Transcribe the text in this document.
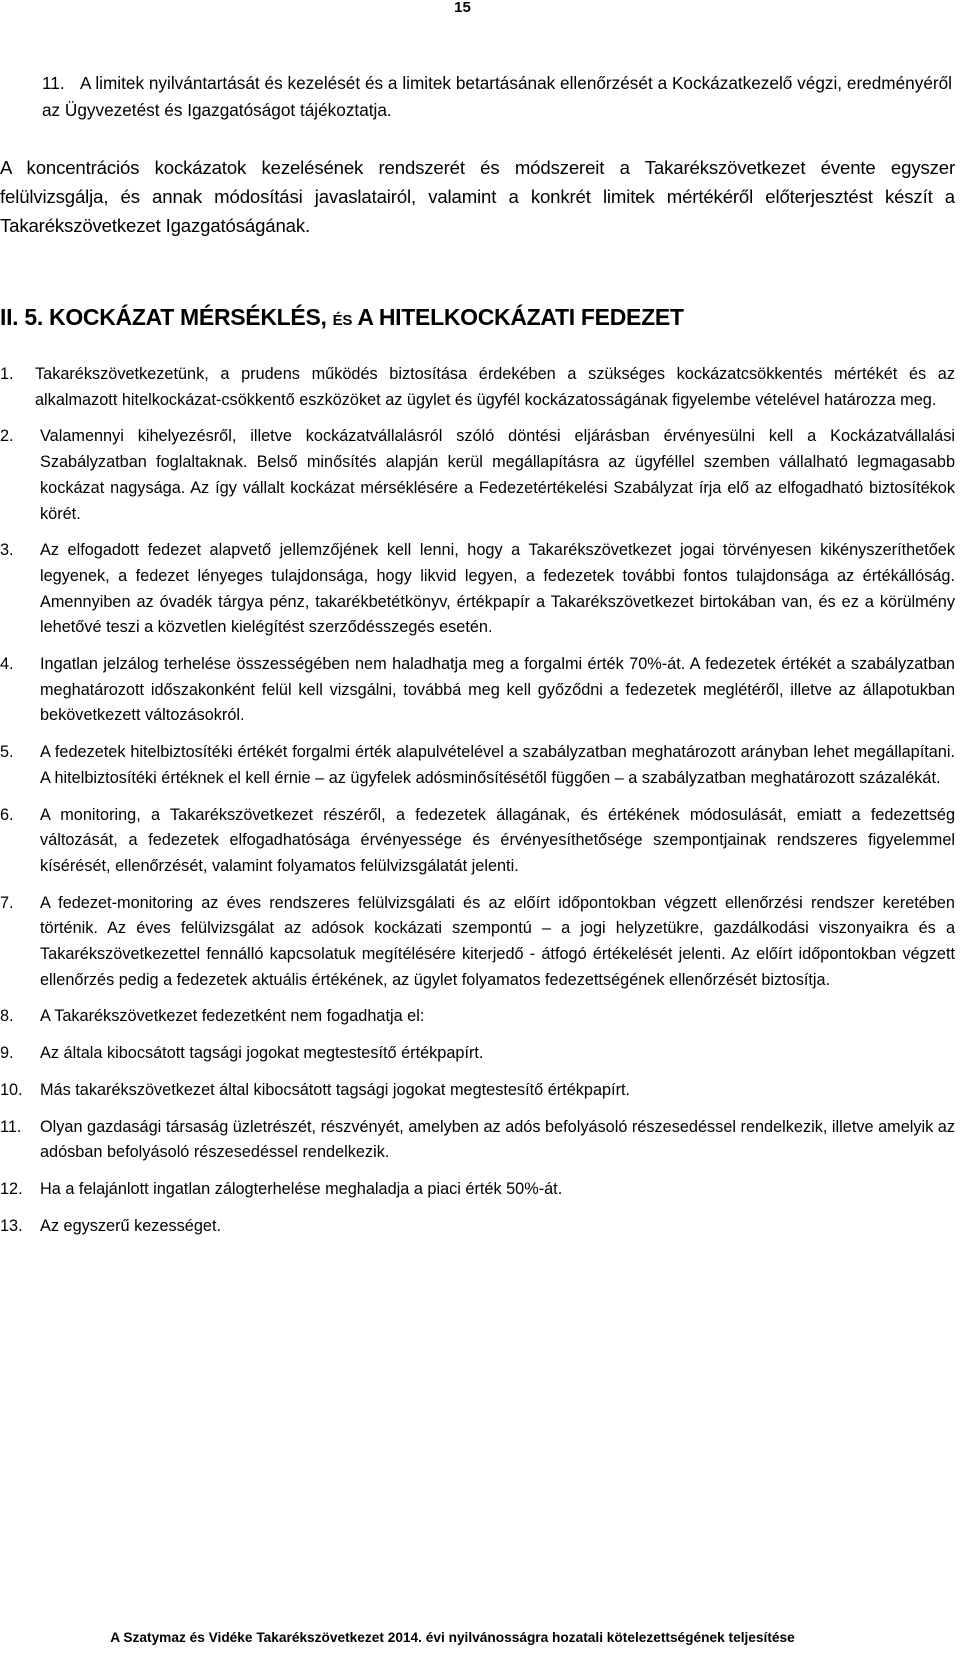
15
11. A limitek nyilvántartását és kezelését és a limitek betartásának ellenőrzését a Kockázatkezelő végzi, eredményéről az Ügyvezetést és Igazgatóságot tájékoztatja.
A koncentrációs kockázatok kezelésének rendszerét és módszereit a Takarékszövetkezet évente egyszer felülvizsgálja, és annak módosítási javaslatairól, valamint a konkrét limitek mértékéről előterjesztést készít a Takarékszövetkezet Igazgatóságának.
II. 5. KOCKÁZAT MÉRSÉKLÉS, ÉS A HITELKOCKÁZATI FEDEZET
1.	Takarékszövetkezetünk, a prudens működés biztosítása érdekében a szükséges kockázatcsökkentés mértékét és az alkalmazott hitelkockázat-csökkentő eszközöket az ügylet és ügyfél kockázatosságának figyelembe vételével határozza meg.
2.	Valamennyi kihelyezésről, illetve kockázatvállalásról szóló döntési eljárásban érvényesülni kell a Kockázatvállalási Szabályzatban foglaltaknak. Belső minősítés alapján kerül megállapításra az ügyféllel szemben vállalható legmagasabb kockázat nagysága. Az így vállalt kockázat mérséklésére a Fedezetértékelési Szabályzat írja elő az elfogadható biztosítékok körét.
3.	Az elfogadott fedezet alapvető jellemzőjének kell lenni, hogy a Takarékszövetkezet jogai törvényesen kikényszeríthetőek legyenek, a fedezet lényeges tulajdonsága, hogy likvid legyen, a fedezetek további fontos tulajdonsága az értékállóság. Amennyiben az óvadék tárgya pénz, takarékbetétkönyv, értékpapír a Takarékszövetkezet birtokában van, és ez a körülmény lehetővé teszi a közvetlen kielégítést szerződésszegés esetén.
4.	Ingatlan jelzálog terhelése összességében nem haladhatja meg a forgalmi érték 70%-át. A fedezetek értékét a szabályzatban meghatározott időszakonként felül kell vizsgálni, továbbá meg kell győződni a fedezetek meglétéről, illetve az állapotukban bekövetkezett változásokról.
5.	A fedezetek hitelbiztosítéki értékét forgalmi érték alapulvételével a szabályzatban meghatározott arányban lehet megállapítani. A hitelbiztosítéki értéknek el kell érnie – az ügyfelek adósminősítésétől függően – a szabályzatban meghatározott százalékát.
6.	A monitoring, a Takarékszövetkezet részéről, a fedezetek állagának, és értékének módosulását, emiatt a fedezettség változását, a fedezetek elfogadhatósága érvényessége és érvényesíthetősége szempontjainak rendszeres figyelemmel kísérését, ellenőrzését, valamint folyamatos felülvizsgálatát jelenti.
7.	A fedezet-monitoring az éves rendszeres felülvizsgálati és az előírt időpontokban végzett ellenőrzési rendszer keretében történik. Az éves felülvizsgálat az adósok kockázati szempontú – a jogi helyzetükre, gazdálkodási viszonyaikra és a Takarékszövetkezettel fennálló kapcsolatuk megítélésére kiterjedő - átfogó értékelését jelenti. Az előírt időpontokban végzett ellenőrzés pedig a fedezetek aktuális értékének, az ügylet folyamatos fedezettségének ellenőrzését biztosítja.
8.	A Takarékszövetkezet fedezetként nem fogadhatja el:
9.	Az általa kibocsátott tagsági jogokat megtestesítő értékpapírt.
10.	Más takarékszövetkezet által kibocsátott tagsági jogokat megtestesítő értékpapírt.
11.	Olyan gazdasági társaság üzletrészét, részvényét, amelyben az adós befolyásoló részesedéssel rendelkezik, illetve amelyik az adósban befolyásoló részesedéssel rendelkezik.
12.	Ha a felajánlott ingatlan zálogterhelése meghaladja a piaci érték 50%-át.
13.	Az egyszerű kezességet.
A Szatymaz és Vidéke Takarékszövetkezet 2014. évi nyilvánosságra hozatali kötelezettségének teljesítése
